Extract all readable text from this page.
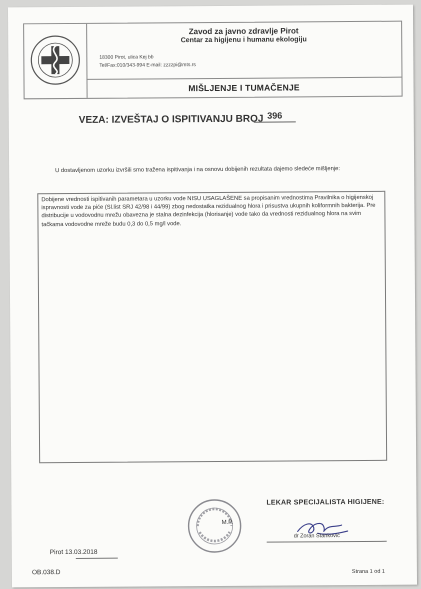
Zavod za javno zdravlje Pirot
Centar za higijenu i humanu ekologiju
18300 Pirot, ulica Kej bb
Tel/Fax:010/343-994 E-mail: zzzzpi@mts.rs
MIŠLJENJE I TUMAČENJE
VEZA: IZVEŠTAJ O ISPITIVANJU BROJ 396
U dostavljenom uzorku izvršili smo tražena ispitivanja i na osnovu dobijenih rezultata dajemo sledeće mišljenje:
Dobijene vrednosti ispitivanih parametara u uzorku vode NISU USAGLAŠENE sa propisanim vrednostima Pravilnika o higijenskoj ispravnosti vode za piće (Sl.list SRJ 42/98 i 44/99) zbog nedostatka rezidualnog hlora i prisustva ukupnih koliformnih bakterija. Pre distribucije u vodovodnu mrežu obavezna je stalna dezinfekcija (hlorisanje) vode tako da vrednosti rezidualnog hlora na svim tačkama vodovodne mreže budu 0,3 do 0,5 mg/l vode.
M.P.
LEKAR SPECIJALISTA HIGIJENE:
dr Zoran Stanković
Pirot 13.03.2018
OB.038.D	Strana 1 od 1
